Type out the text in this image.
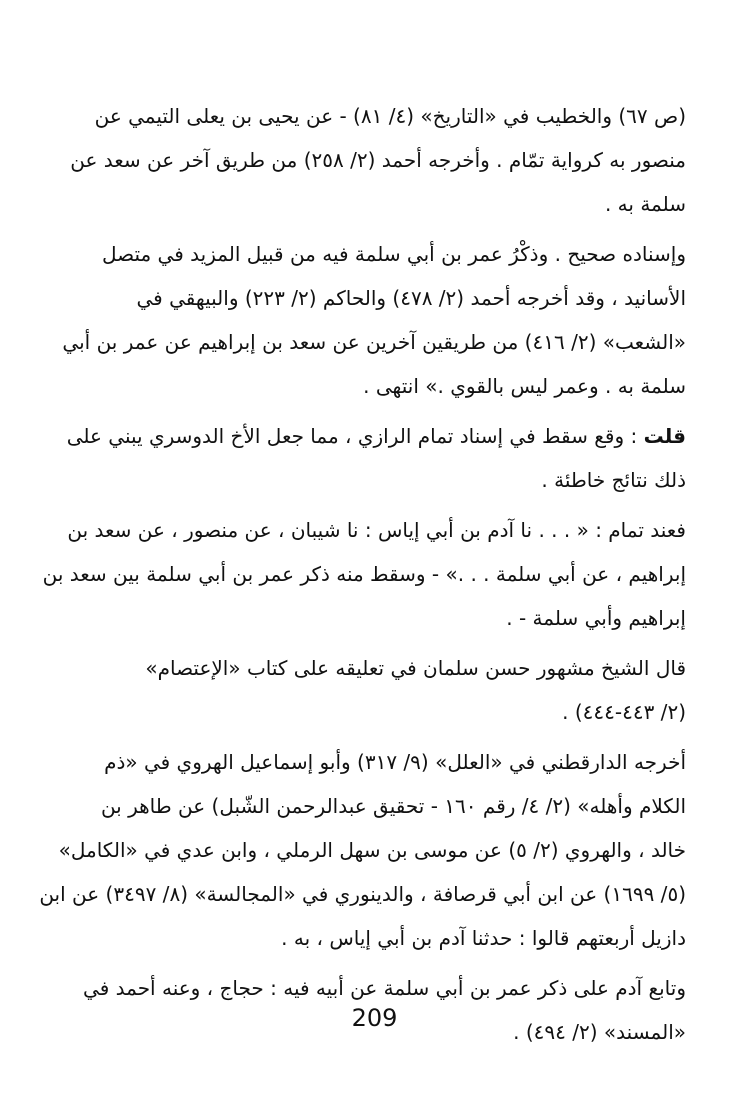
(ص ٦٧) والخطيب في «التاريخ» (٤/ ٨١) - عن يحيى بن يعلى التيمي عن
منصور به كرواية تمّام . وأخرجه أحمد (٢/ ٢٥٨) من طريق آخر عن سعد عن
سلمة به .
وإسناده صحيح . وذكْرُ عمر بن أبي سلمة فيه من قبيل المزيد في متصل
الأسانيد ، وقد أخرجه أحمد (٢/ ٤٧٨) والحاكم (٢/ ٢٢٣) والبيهقي في
«الشعب» (٢/ ٤١٦) من طريقين آخرين عن سعد بن إبراهيم عن عمر بن أبي
سلمة به . وعمر ليس بالقوي .» انتهى .
قلت : وقع سقط في إسناد تمام الرازي ، مما جعل الأخ الدوسري يبني على
ذلك نتائج خاطئة .
فعند تمام : « . . . نا آدم بن أبي إياس : نا شيبان ، عن منصور ، عن سعد بن
إبراهيم ، عن أبي سلمة . . .» - وسقط منه ذكر عمر بن أبي سلمة بين سعد بن
إبراهيم وأبي سلمة - .
قال الشيخ مشهور حسن سلمان في تعليقه على كتاب «الإعتصام»
(٢/ ٤٤٣-٤٤٤) .
أخرجه الدارقطني في «العلل» (٩/ ٣١٧) وأبو إسماعيل الهروي في «ذم
الكلام وأهله» (٢/ ٤/ رقم ١٦٠ - تحقيق عبدالرحمن الشّبل) عن طاهر بن
خالد ، والهروي (٢/ ٥) عن موسى بن سهل الرملي ، وابن عدي في «الكامل»
(٥/ ١٦٩٩) عن ابن أبي قرصافة ، والدينوري في «المجالسة» (٨/ ٣٤٩٧) عن ابن
دازيل أربعتهم قالوا : حدثنا آدم بن أبي إياس ، به .
وتابع آدم على ذكر عمر بن أبي سلمة عن أبيه فيه : حجاج ، وعنه أحمد في
«المسند» (٢/ ٤٩٤) .
209
